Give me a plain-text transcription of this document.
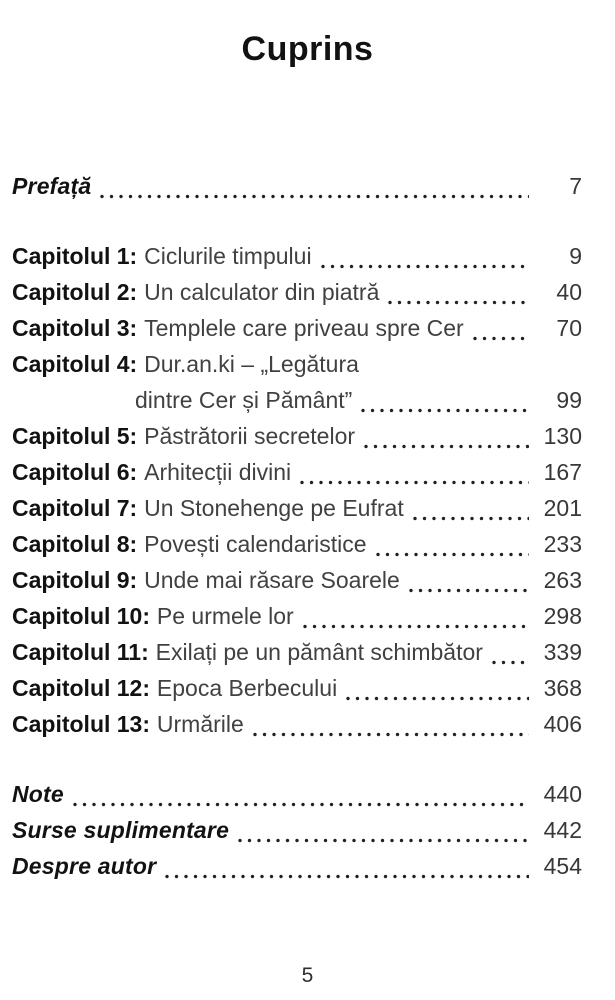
Cuprins
Prefață	7
Capitolul 1: Ciclurile timpului	9
Capitolul 2: Un calculator din piatră	40
Capitolul 3: Templele care priveau spre Cer	70
Capitolul 4: Dur.an.ki – „Legătura
dintre Cer și Pământ”	99
Capitolul 5: Păstrătorii secretelor	130
Capitolul 6: Arhitecții divini	167
Capitolul 7: Un Stonehenge pe Eufrat	201
Capitolul 8: Povești calendaristice	233
Capitolul 9: Unde mai răsare Soarele	263
Capitolul 10: Pe urmele lor	298
Capitolul 11: Exilați pe un pământ schimbător	339
Capitolul 12: Epoca Berbecului	368
Capitolul 13: Urmările	406
Note	440
Surse suplimentare	442
Despre autor	454
5
